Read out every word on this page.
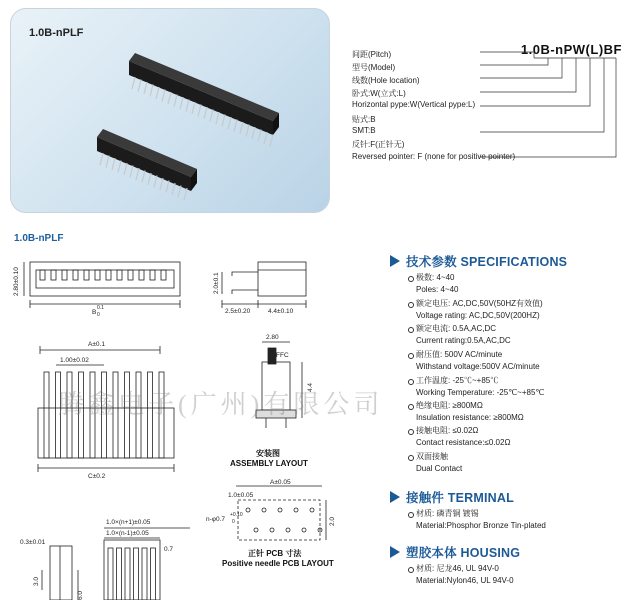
1.0B-nPLF
1.0B-nPW(L)BF
间距(Pitch)
型号(Model)
线数(Hole location)
卧式:W(立式:L)
Horizontal pype:W(Vertical pype:L)
贴式:B
SMT:B
反针:F(正针无)
Reversed pointer: F (none for positive pointer)
1.0B-nPLF
2.80±0.10
B
0.1
0
2.0±0.1
2.5±0.20	4.4±0.10
A±0.1
1.00±0.02
C±0.2
2.80
FFC
4.4
A±0.05
1.0±0.05
n-φ0.7
+0.10
0	2.0
1.0×(n+1)±0.05
1.0×(n-1)±0.05
0.3±0.01
0.7
3.0
6.0
安装图
ASSEMBLY LAYOUT
正针 PCB 寸法
Positive needle PCB LAYOUT
腾鑫电子(广州)有限公司
技术参数 SPECIFICATIONS
极数: 4~40
Poles: 4~40
额定电压: AC,DC,50V(50HZ有效值)
Voltage rating: AC,DC,50V(200HZ)
额定电流: 0.5A,AC,DC
Current rating:0.5A,AC,DC
耐压值: 500V AC/minute
Withstand voltage:500V AC/minute
工作温度: -25℃~+85℃
Working Temperature: -25℃~+85℃
绝缘电阻: ≥800MΩ
Insulation resistance: ≥800MΩ
接触电阻: ≤0.02Ω
Contact resistance:≤0.02Ω
双面接触
Dual Contact
接触件 TERMINAL
材质: 磷青铜 镀锡
Material:Phosphor Bronze Tin-plated
塑胶本体 HOUSING
材质: 尼龙46, UL 94V-0
Material:Nylon46, UL 94V-0
